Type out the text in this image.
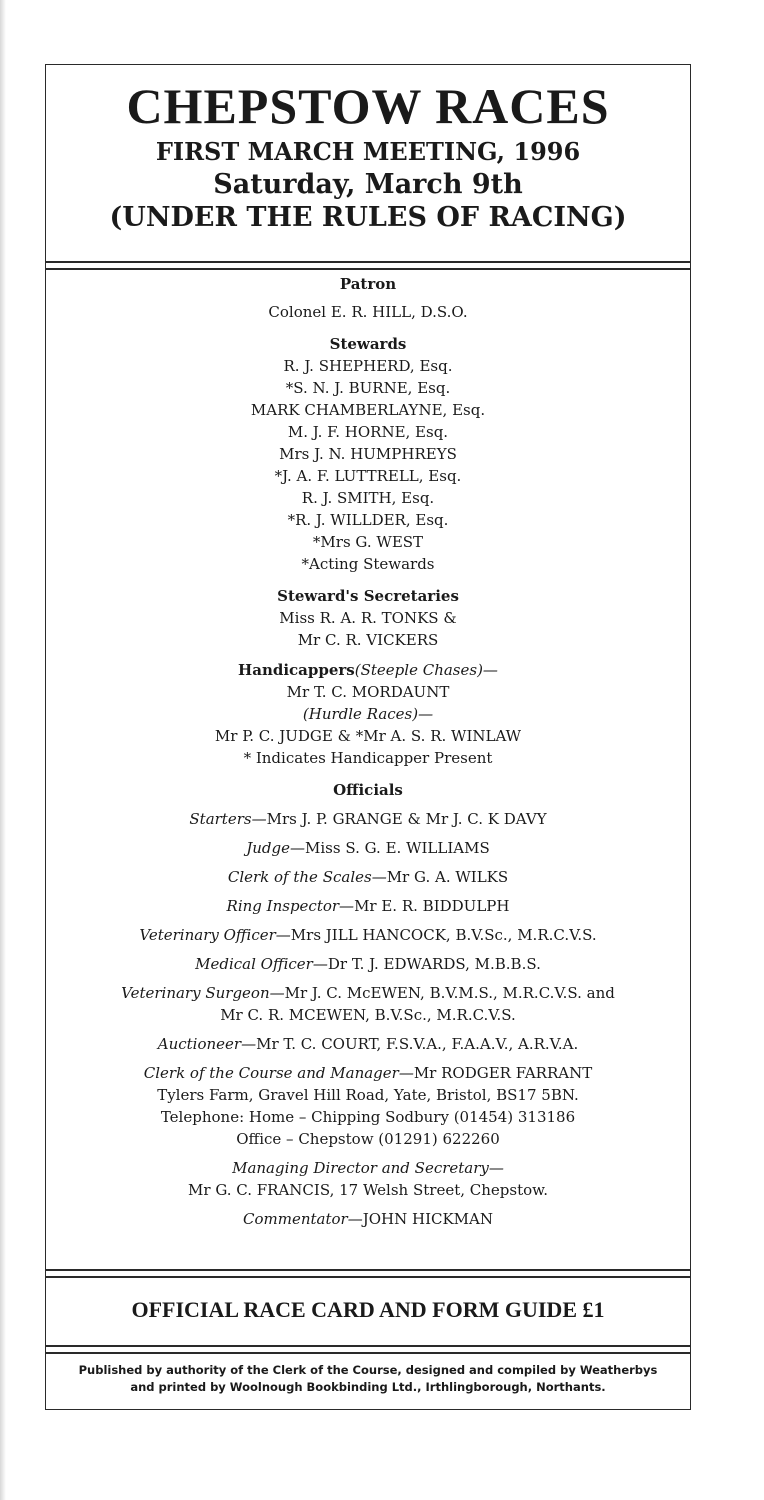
CHEPSTOW RACES
FIRST MARCH MEETING, 1996
Saturday, March 9th
(UNDER THE RULES OF RACING)
Patron
Colonel E. R. HILL, D.S.O.
Stewards
R. J. SHEPHERD, Esq.
*S. N. J. BURNE, Esq.
MARK CHAMBERLAYNE, Esq.
M. J. F. HORNE, Esq.
Mrs J. N. HUMPHREYS
*J. A. F. LUTTRELL, Esq.
R. J. SMITH, Esq.
*R. J. WILLDER, Esq.
*Mrs G. WEST
*Acting Stewards
Steward's Secretaries
Miss R. A. R. TONKS &
Mr C. R. VICKERS
Handicappers(Steeple Chases)—
Mr T. C. MORDAUNT
(Hurdle Races)—
Mr P. C. JUDGE & *Mr A. S. R. WINLAW
* Indicates Handicapper Present
Officials
Starters—Mrs J. P. GRANGE & Mr J. C. K DAVY
Judge—Miss S. G. E. WILLIAMS
Clerk of the Scales—Mr G. A. WILKS
Ring Inspector—Mr E. R. BIDDULPH
Veterinary Officer—Mrs JILL HANCOCK, B.V.Sc., M.R.C.V.S.
Medical Officer—Dr T. J. EDWARDS, M.B.B.S.
Veterinary Surgeon—Mr J. C. McEWEN, B.V.M.S., M.R.C.V.S. and
Mr C. R. MCEWEN, B.V.Sc., M.R.C.V.S.
Auctioneer—Mr T. C. COURT, F.S.V.A., F.A.A.V., A.R.V.A.
Clerk of the Course and Manager—Mr RODGER FARRANT
Tylers Farm, Gravel Hill Road, Yate, Bristol, BS17 5BN.
Telephone: Home – Chipping Sodbury (01454) 313186
Office – Chepstow (01291) 622260
Managing Director and Secretary—
Mr G. C. FRANCIS, 17 Welsh Street, Chepstow.
Commentator—JOHN HICKMAN
OFFICIAL RACE CARD AND FORM GUIDE £1
Published by authority of the Clerk of the Course, designed and compiled by Weatherbys
and printed by Woolnough Bookbinding Ltd., Irthlingborough, Northants.
